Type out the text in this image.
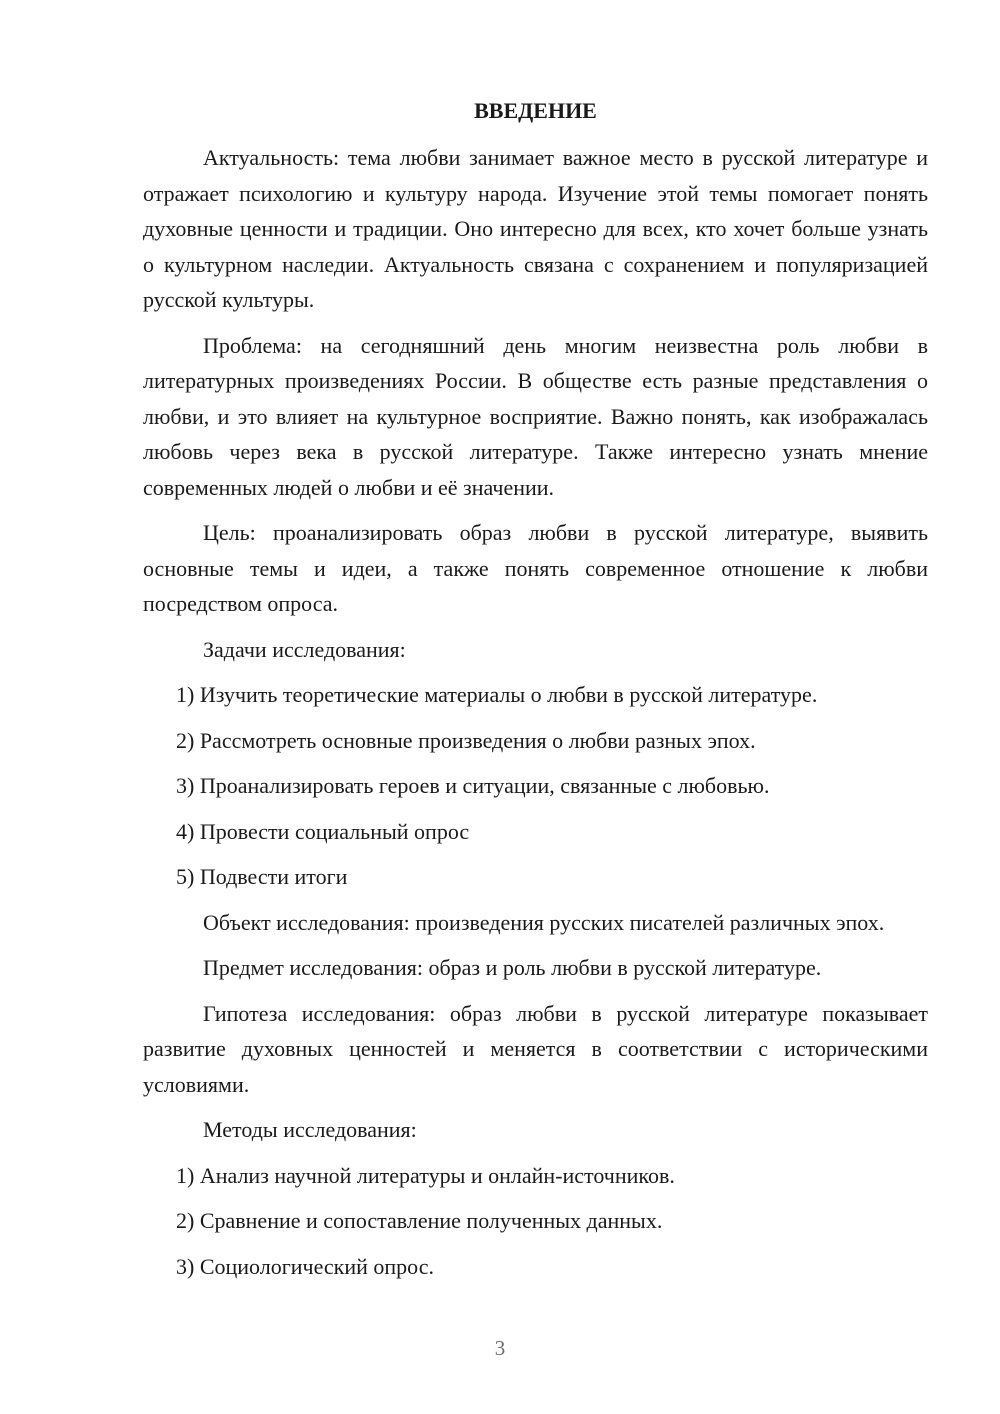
ВВЕДЕНИЕ

Актуальность: тема любви занимает важное место в русской литературе и отражает психологию и культуру народа. Изучение этой темы помогает понять духовные ценности и традиции. Оно интересно для всех, кто хочет больше узнать о культурном наследии. Актуальность связана с сохранением и популяризацией русской культуры.

Проблема: на сегодняшний день многим неизвестна роль любви в литературных произведениях России. В обществе есть разные представления о любви, и это влияет на культурное восприятие. Важно понять, как изображалась любовь через века в русской литературе. Также интересно узнать мнение современных людей о любви и её значении.

Цель: проанализировать образ любви в русской литературе, выявить основные темы и идеи, а также понять современное отношение к любви посредством опроса.

Задачи исследования:

1) Изучить теоретические материалы о любви в русской литературе.

2) Рассмотреть основные произведения о любви разных эпох.

3) Проанализировать героев и ситуации, связанные с любовью.

4) Провести социальный опрос

5) Подвести итоги

Объект исследования: произведения русских писателей различных эпох.

Предмет исследования: образ и роль любви в русской литературе.

Гипотеза исследования: образ любви в русской литературе показывает развитие духовных ценностей и меняется в соответствии с историческими условиями.

Методы исследования:

1) Анализ научной литературы и онлайн-источников.

2) Сравнение и сопоставление полученных данных.

3) Социологический опрос.

3
